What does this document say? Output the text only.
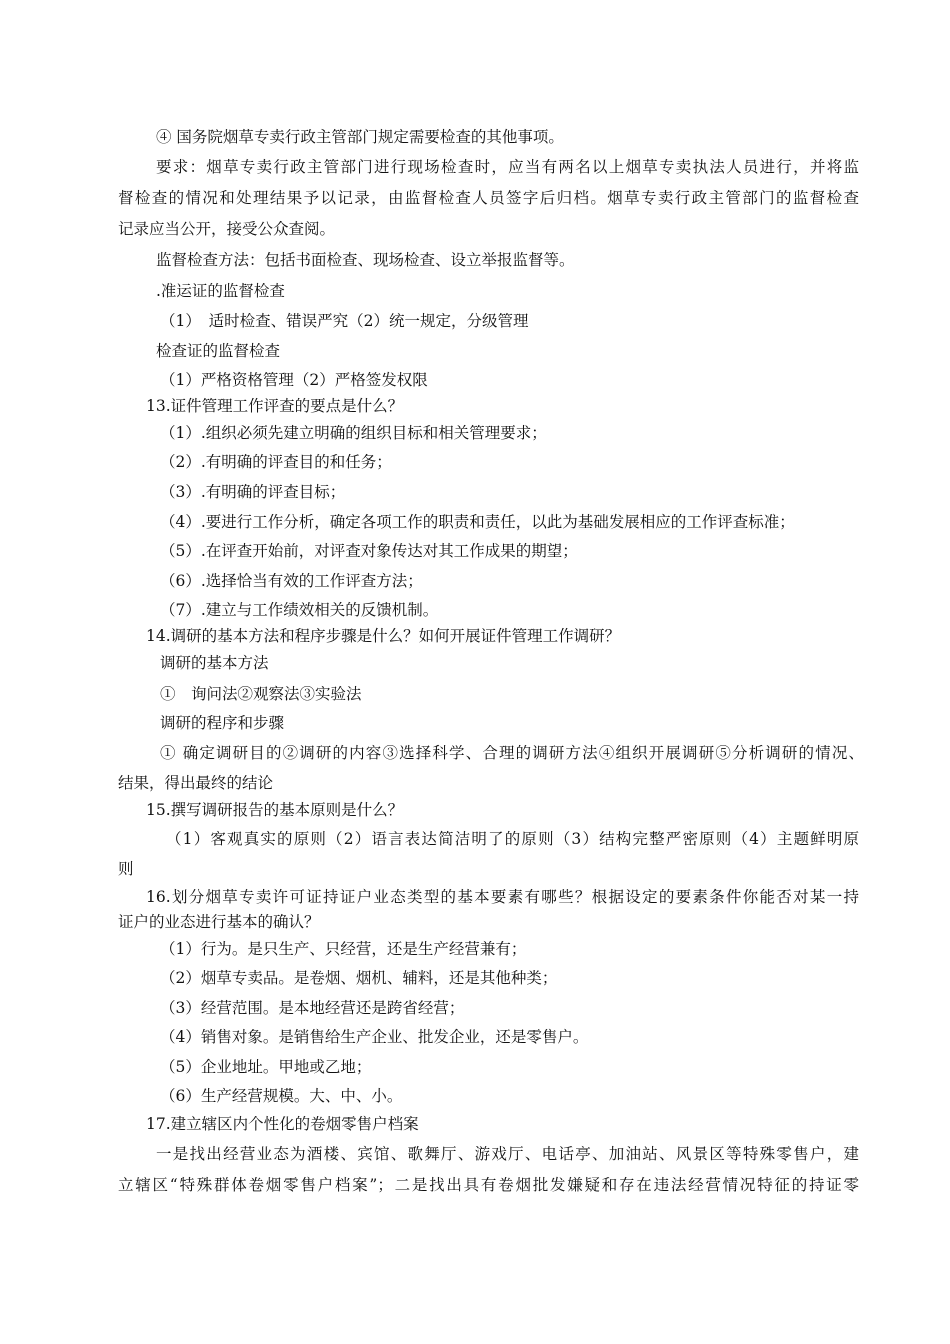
④ 国务院烟草专卖行政主管部门规定需要检查的其他事项。
要求：烟草专卖行政主管部门进行现场检查时，应当有两名以上烟草专卖执法人员进行，并将监
督检查的情况和处理结果予以记录，由监督检查人员签字后归档。烟草专卖行政主管部门的监督检查
记录应当公开，接受公众查阅。
监督检查方法：包括书面检查、现场检查、设立举报监督等。
.准运证的监督检查
（1）　适时检查、错误严究（2）统一规定，分级管理
检查证的监督检查
（1）严格资格管理（2）严格签发权限
13.证件管理工作评查的要点是什么？
（1）.组织必须先建立明确的组织目标和相关管理要求；
（2）.有明确的评查目的和任务；
（3）.有明确的评查目标；
（4）.要进行工作分析，确定各项工作的职责和责任，以此为基础发展相应的工作评查标准；
（5）.在评查开始前，对评查对象传达对其工作成果的期望；
（6）.选择恰当有效的工作评查方法；
（7）.建立与工作绩效相关的反馈机制。
14.调研的基本方法和程序步骤是什么？如何开展证件管理工作调研？
调研的基本方法
①　询问法②观察法③实验法
调研的程序和步骤
① 确定调研目的②调研的内容③选择科学、合理的调研方法④组织开展调研⑤分析调研的情况、
结果，得出最终的结论
15.撰写调研报告的基本原则是什么？
（1）客观真实的原则（2）语言表达简洁明了的原则（3）结构完整严密原则（4）主题鲜明原
则
16.划分烟草专卖许可证持证户业态类型的基本要素有哪些？根据设定的要素条件你能否对某一持
证户的业态进行基本的确认？
（1）行为。是只生产、只经营，还是生产经营兼有；
（2）烟草专卖品。是卷烟、烟机、辅料，还是其他种类；
（3）经营范围。是本地经营还是跨省经营；
（4）销售对象。是销售给生产企业、批发企业，还是零售户。
（5）企业地址。甲地或乙地；
（6）生产经营规模。大、中、小。
17.建立辖区内个性化的卷烟零售户档案
一是找出经营业态为酒楼、宾馆、歌舞厅、游戏厅、电话亭、加油站、风景区等特殊零售户，建
立辖区“特殊群体卷烟零售户档案”；二是找出具有卷烟批发嫌疑和存在违法经营情况特征的持证零
